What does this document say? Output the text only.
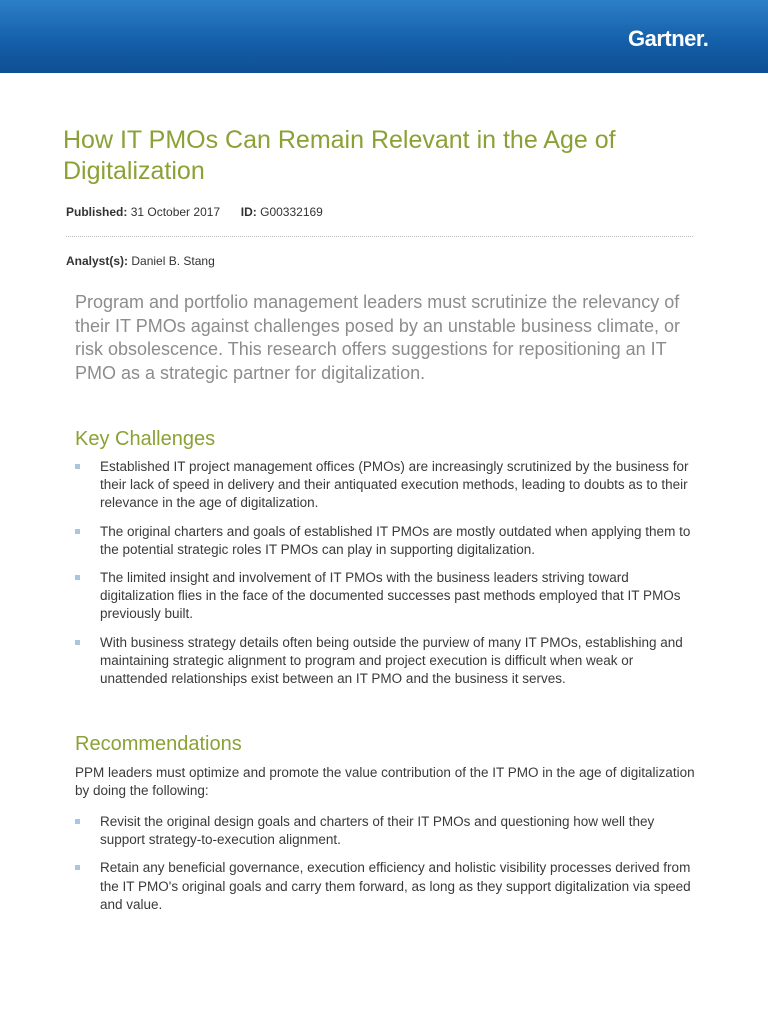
Gartner.
How IT PMOs Can Remain Relevant in the Age of Digitalization
Published: 31 October 2017 ID: G00332169
Analyst(s): Daniel B. Stang

Program and portfolio management leaders must scrutinize the relevancy of their IT PMOs against challenges posed by an unstable business climate, or risk obsolescence. This research offers suggestions for repositioning an IT PMO as a strategic partner for digitalization.

Key Challenges
Established IT project management offices (PMOs) are increasingly scrutinized by the business for their lack of speed in delivery and their antiquated execution methods, leading to doubts as to their relevance in the age of digitalization.
The original charters and goals of established IT PMOs are mostly outdated when applying them to the potential strategic roles IT PMOs can play in supporting digitalization.
The limited insight and involvement of IT PMOs with the business leaders striving toward digitalization flies in the face of the documented successes past methods employed that IT PMOs previously built.
With business strategy details often being outside the purview of many IT PMOs, establishing and maintaining strategic alignment to program and project execution is difficult when weak or unattended relationships exist between an IT PMO and the business it serves.
Recommendations

PPM leaders must optimize and promote the value contribution of the IT PMO in the age of digitalization by doing the following:

Revisit the original design goals and charters of their IT PMOs and questioning how well they support strategy-to-execution alignment.
Retain any beneficial governance, execution efficiency and holistic visibility processes derived from the IT PMO's original goals and carry them forward, as long as they support digitalization via speed and value.
